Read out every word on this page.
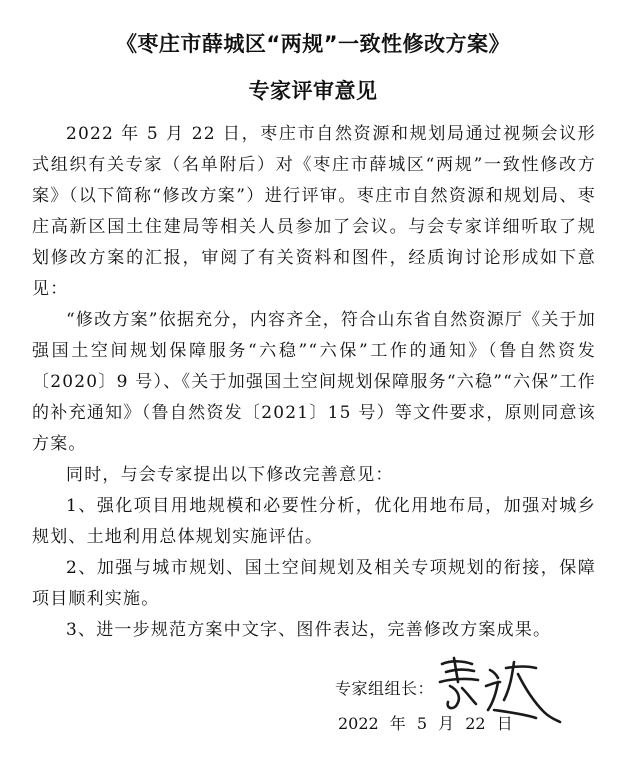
《枣庄市薛城区“两规”一致性修改方案》
专家评审意见
2022 年 5 月 22 日，枣庄市自然资源和规划局通过视频会议形式组织有关专家（名单附后）对《枣庄市薛城区“两规”一致性修改方案》（以下简称“修改方案”）进行评审。枣庄市自然资源和规划局、枣庄高新区国土住建局等相关人员参加了会议。与会专家详细听取了规划修改方案的汇报，审阅了有关资料和图件，经质询讨论形成如下意见：
“修改方案”依据充分，内容齐全，符合山东省自然资源厅《关于加强国土空间规划保障服务“六稳”“六保”工作的通知》（鲁自然资发〔2020〕9 号）、《关于加强国土空间规划保障服务“六稳”“六保”工作的补充通知》（鲁自然资发〔2021〕15 号）等文件要求，原则同意该方案。
同时，与会专家提出以下修改完善意见：
1、强化项目用地规模和必要性分析，优化用地布局，加强对城乡规划、土地利用总体规划实施评估。
2、加强与城市规划、国土空间规划及相关专项规划的衔接，保障项目顺利实施。
3、进一步规范方案中文字、图件表达，完善修改方案成果。
专家组组长：
2022 年 5 月 22 日
